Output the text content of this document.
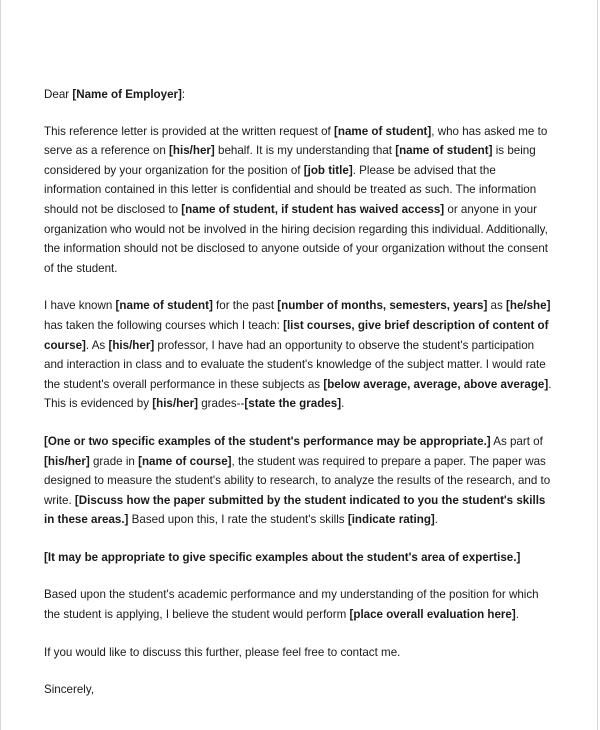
Dear [Name of Employer]:

This reference letter is provided at the written request of [name of student], who has asked me to serve as a reference on [his/her] behalf. It is my understanding that [name of student] is being considered by your organization for the position of [job title]. Please be advised that the information contained in this letter is confidential and should be treated as such. The information should not be disclosed to [name of student, if student has waived access] or anyone in your organization who would not be involved in the hiring decision regarding this individual. Additionally, the information should not be disclosed to anyone outside of your organization without the consent of the student.

I have known [name of student] for the past [number of months, semesters, years] as [he/she] has taken the following courses which I teach: [list courses, give brief description of content of course]. As [his/her] professor, I have had an opportunity to observe the student's participation and interaction in class and to evaluate the student's knowledge of the subject matter. I would rate the student's overall performance in these subjects as [below average, average, above average]. This is evidenced by [his/her] grades--[state the grades].

[One or two specific examples of the student's performance may be appropriate.] As part of [his/her] grade in [name of course], the student was required to prepare a paper. The paper was designed to measure the student's ability to research, to analyze the results of the research, and to write. [Discuss how the paper submitted by the student indicated to you the student's skills in these areas.] Based upon this, I rate the student's skills [indicate rating].

[It may be appropriate to give specific examples about the student's area of expertise.]

Based upon the student's academic performance and my understanding of the position for which the student is applying, I believe the student would perform [place overall evaluation here].

If you would like to discuss this further, please feel free to contact me.

Sincerely,
